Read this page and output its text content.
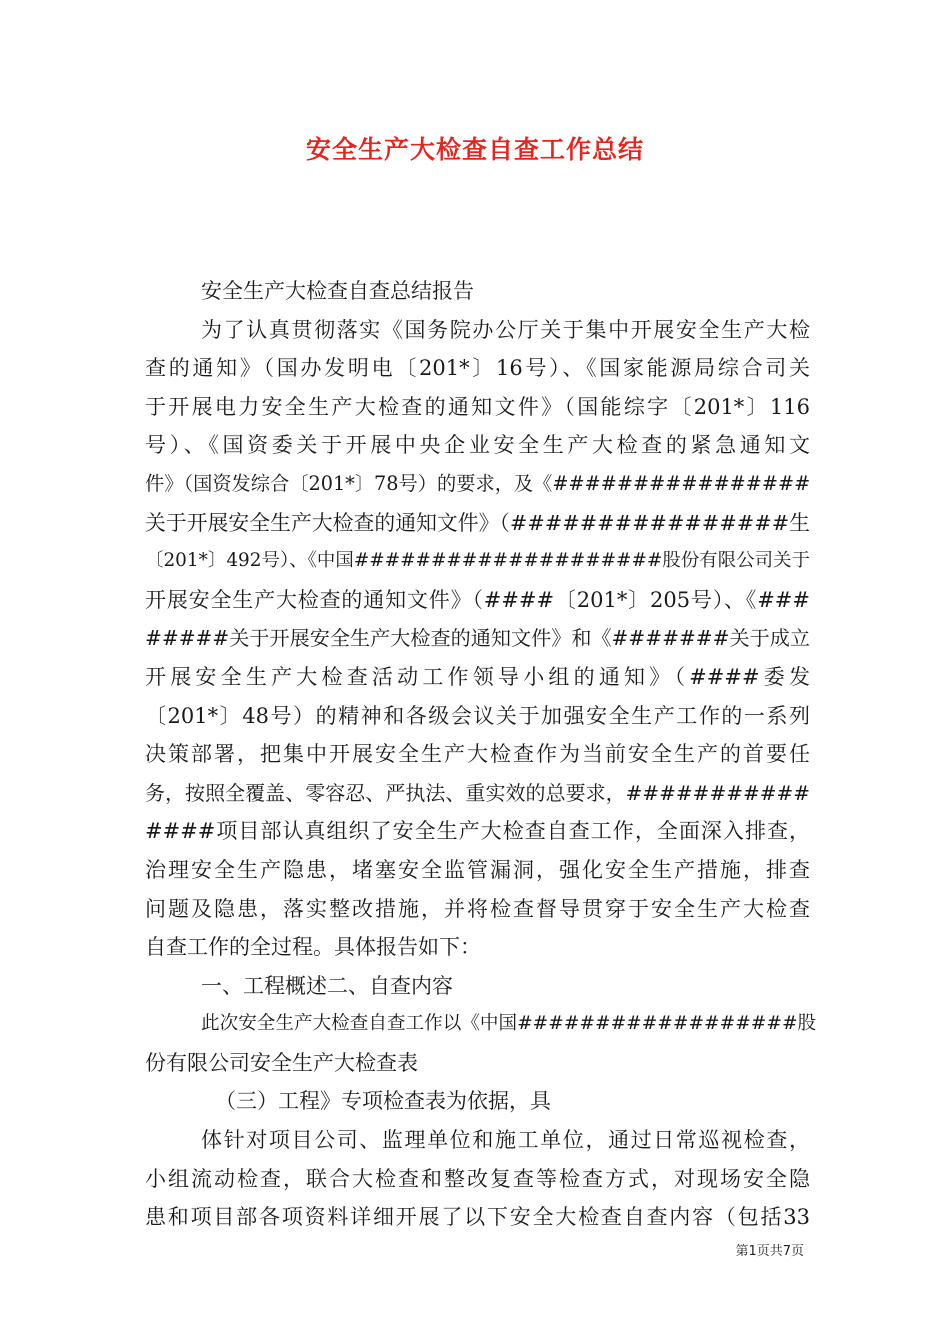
安全生产大检查自查工作总结
安全生产大检查自查总结报告
为了认真贯彻落实《国务院办公厅关于集中开展安全生产大检
查的通知》（国办发明电〔201*〕16号）、《国家能源局综合司关
于开展电力安全生产大检查的通知文件》（国能综字〔201*〕116
号）、《国资委关于开展中央企业安全生产大检查的紧急通知文
件》（国资发综合〔201*〕78号）的要求，及《################
关于开展安全生产大检查的通知文件》（################生
〔201*〕492号）、《中国####################股份有限公司关于
开展安全生产大检查的通知文件》（####〔201*〕205号）、《###
#####关于开展安全生产大检查的通知文件》和《#######关于成立
开展安全生产大检查活动工作领导小组的通知》（####委发
〔201*〕48号）的精神和各级会议关于加强安全生产工作的一系列
决策部署，把集中开展安全生产大检查作为当前安全生产的首要任
务，按照全覆盖、零容忍、严执法、重实效的总要求，###########
####项目部认真组织了安全生产大检查自查工作，全面深入排查，
治理安全生产隐患，堵塞安全监管漏洞，强化安全生产措施，排查
问题及隐患，落实整改措施，并将检查督导贯穿于安全生产大检查
自查工作的全过程。具体报告如下：
一、工程概述二、自查内容
此次安全生产大检查自查工作以《中国##################股
份有限公司安全生产大检查表
（三）工程》专项检查表为依据，具
体针对项目公司、监理单位和施工单位，通过日常巡视检查，
小组流动检查，联合大检查和整改复查等检查方式，对现场安全隐
患和项目部各项资料详细开展了以下安全大检查自查内容（包括33
第1页共7页
